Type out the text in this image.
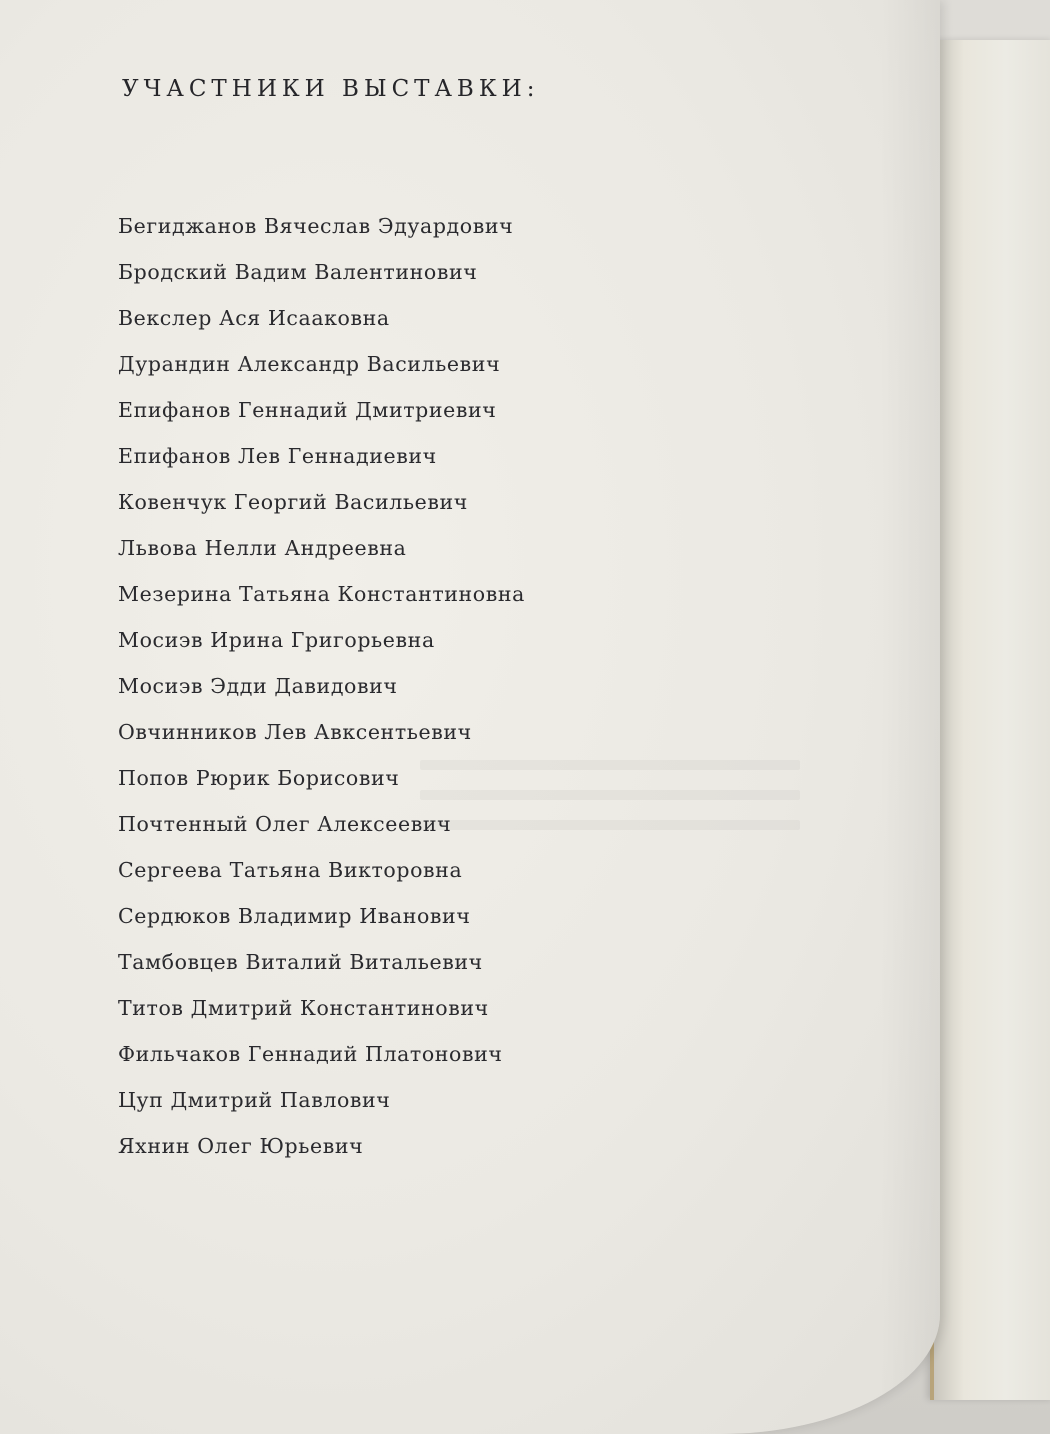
УЧАСТНИКИ ВЫСТАВКИ:
Бегиджанов Вячеслав Эдуардович
Бродский Вадим Валентинович
Векслер Ася Исааковна
Дурандин Александр Васильевич
Епифанов Геннадий Дмитриевич
Епифанов Лев Геннадиевич
Ковенчук Георгий Васильевич
Львова Нелли Андреевна
Мезерина Татьяна Константиновна
Мосиэв Ирина Григорьевна
Мосиэв Эдди Давидович
Овчинников Лев Авксентьевич
Попов Рюрик Борисович
Почтенный Олег Алексеевич
Сергеева Татьяна Викторовна
Сердюков Владимир Иванович
Тамбовцев Виталий Витальевич
Титов Дмитрий Константинович
Фильчаков Геннадий Платонович
Цуп Дмитрий Павлович
Яхнин Олег Юрьевич
